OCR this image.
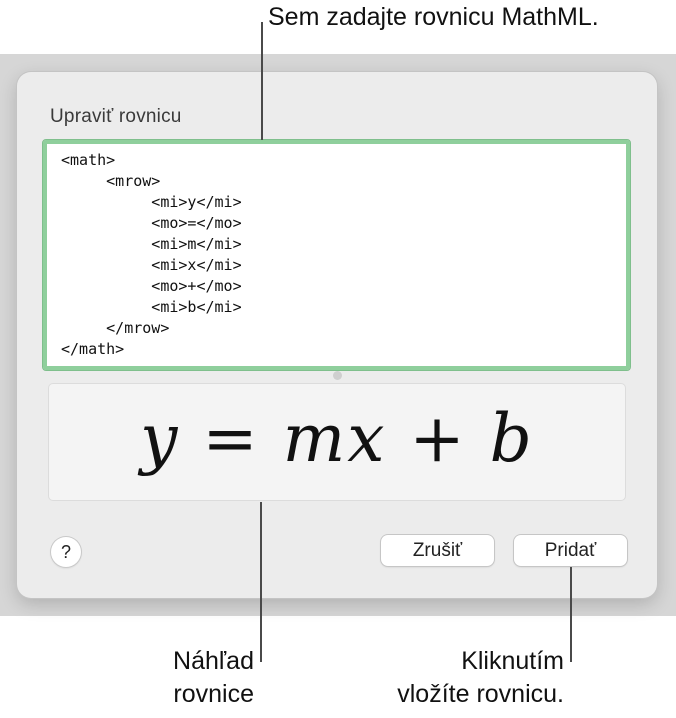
Upraviť rovnicu
<math>
<mrow>
<mi>y</mi>
<mo>=</mo>
<mi>m</mi>
<mi>x</mi>
<mo>+</mo>
<mi>b</mi>
</mrow>
</math>
y = mx + b
?	Zrušiť	Pridať
Sem zadajte rovnicu MathML.
Náhľad
rovnice
Kliknutím
vložíte rovnicu.
